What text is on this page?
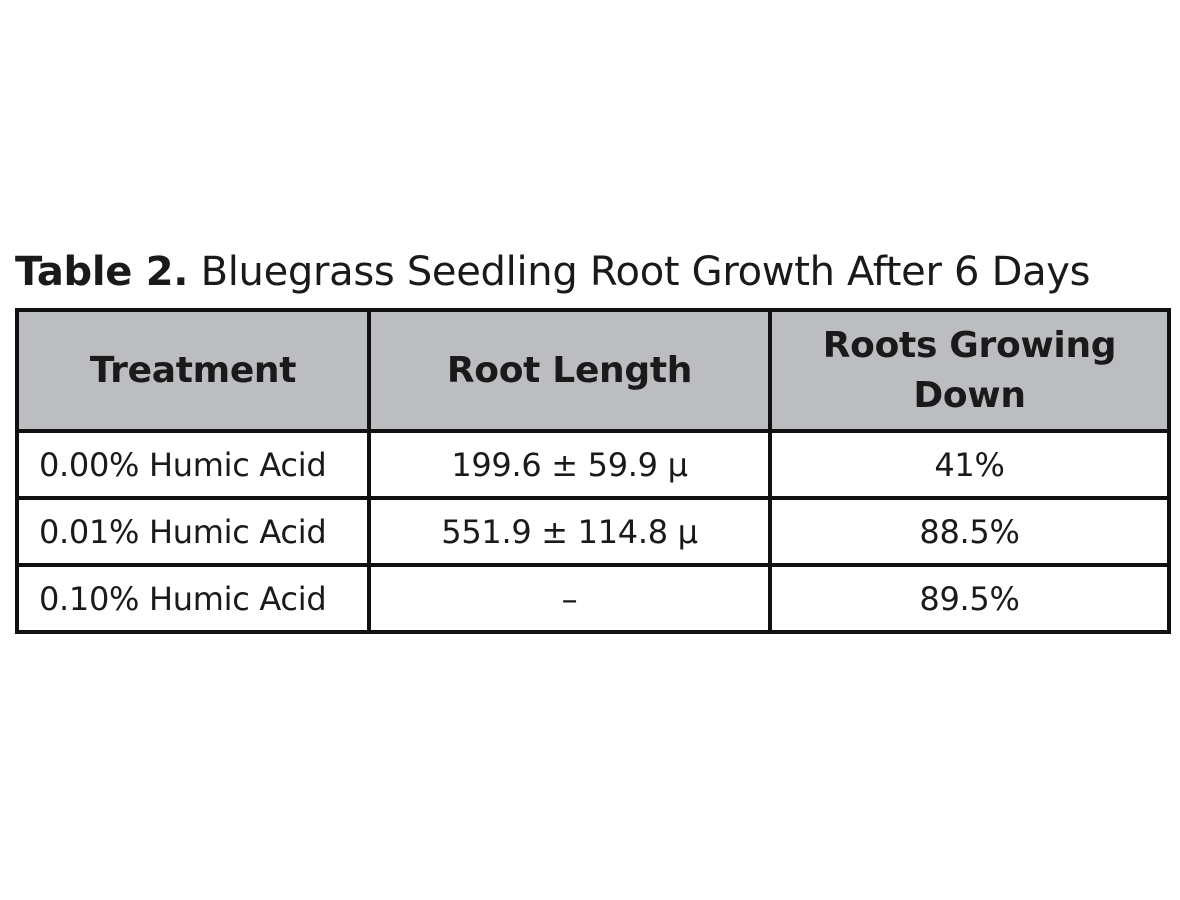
Table 2. Bluegrass Seedling Root Growth After 6 Days
Treatment	Root Length	Roots Growing Down
0.00% Humic Acid	199.6 ± 59.9 µ	41%
0.01% Humic Acid	551.9 ± 114.8 µ	88.5%
0.10% Humic Acid	–	89.5%
